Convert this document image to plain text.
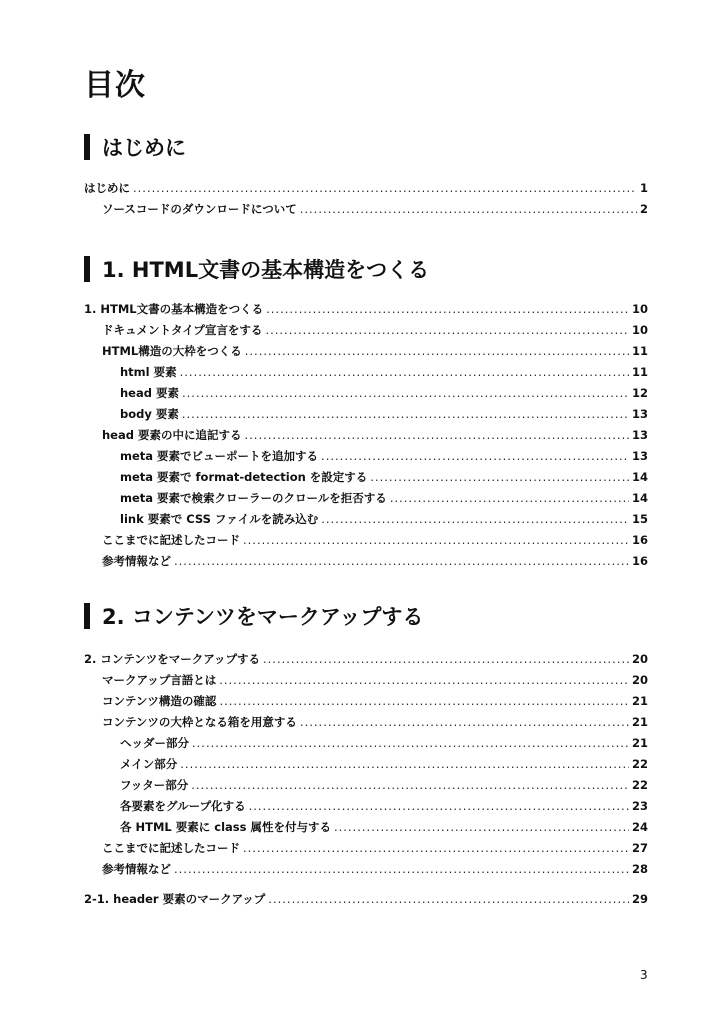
目次
はじめに
はじめに .....	1
ソースコードのダウンロードについて .....	2
1. HTML文書の基本構造をつくる
1. HTML文書の基本構造をつくる .....	10
ドキュメントタイプ宣言をする .....	10
HTML構造の大枠をつくる .....	11
html 要素 .....	11
head 要素 .....	12
body 要素 .....	13
head 要素の中に追記する .....	13
meta 要素でビューポートを追加する .....	13
meta 要素で format-detection を設定する .....	14
meta 要素で検索クローラーのクロールを拒否する .....	14
link 要素で CSS ファイルを読み込む .....	15
ここまでに記述したコード .....	16
参考情報など .....	16
2. コンテンツをマークアップする
2. コンテンツをマークアップする .....	20
マークアップ言語とは .....	20
コンテンツ構造の確認 .....	21
コンテンツの大枠となる箱を用意する .....	21
ヘッダー部分 .....	21
メイン部分 .....	22
フッター部分 .....	22
各要素をグループ化する .....	23
各 HTML 要素に class 属性を付与する .....	24
ここまでに記述したコード .....	27
参考情報など .....	28
2-1. header 要素のマークアップ .....	29
3
